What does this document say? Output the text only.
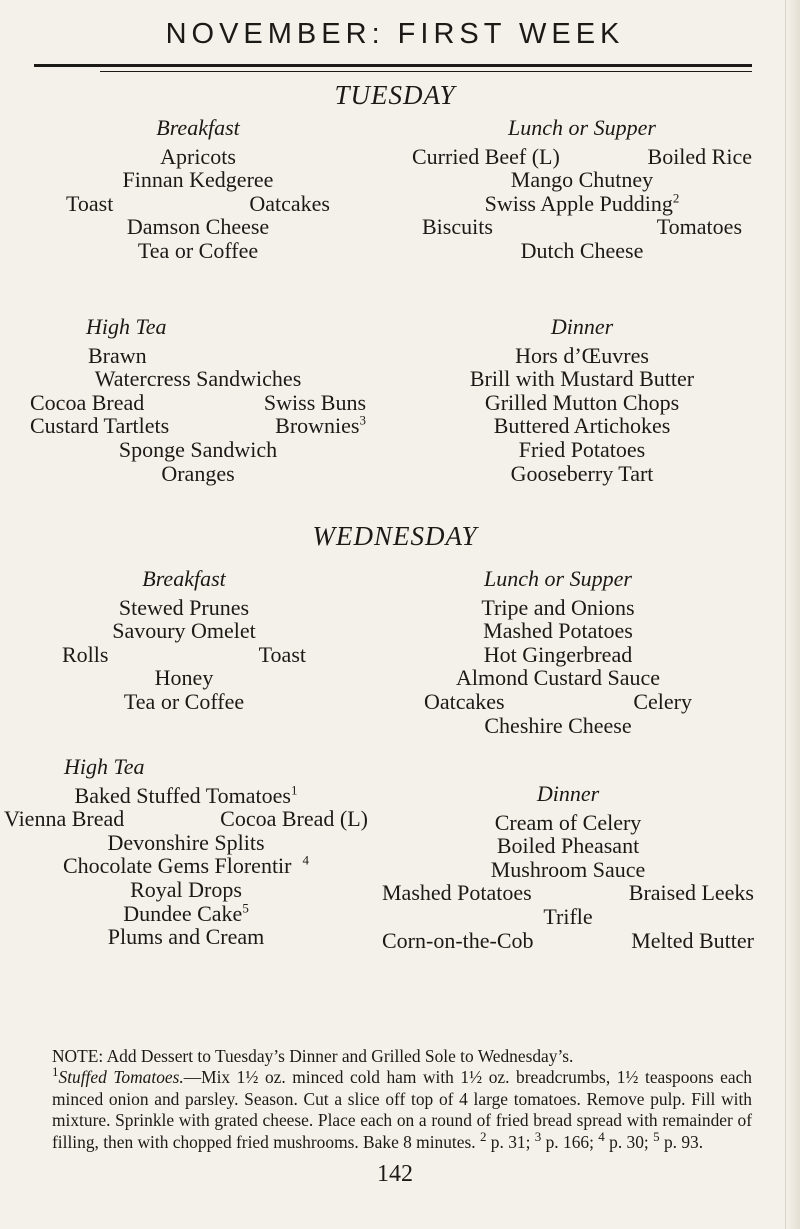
NOVEMBER: FIRST WEEK
TUESDAY
Breakfast
Apricots
Finnan Kedgeree
Toast	Oatcakes
Damson Cheese
Tea or Coffee
Lunch or Supper
Curried Beef (L)	Boiled Rice
Mango Chutney
Swiss Apple Pudding$^2$
Biscuits	Tomatoes
Dutch Cheese
High Tea
Brawn
Watercress Sandwiches
Cocoa Bread	Swiss Buns
Custard Tartlets	Brownies$^3$
Sponge Sandwich
Oranges
Dinner
Hors d’Œuvres
Brill with Mustard Butter
Grilled Mutton Chops
Buttered Artichokes
Fried Potatoes
Gooseberry Tart
WEDNESDAY
Breakfast
Stewed Prunes
Savoury Omelet
Rolls	Toast
Honey
Tea or Coffee
Lunch or Supper
Tripe and Onions
Mashed Potatoes
Hot Gingerbread
Almond Custard Sauce
Oatcakes	Celery
Cheshire Cheese
High Tea
Baked Stuffed Tomatoes$^1$
Vienna Bread	Cocoa Bread (L)
Devonshire Splits
Chocolate Gems Florentir $^4$
Royal Drops
Dundee Cake$^5$
Plums and Cream
Dinner
Cream of Celery
Boiled Pheasant
Mushroom Sauce
Mashed Potatoes	Braised Leeks
Trifle
Corn-on-the-Cob	Melted Butter
NOTE: Add Dessert to Tuesday’s Dinner and Grilled Sole to Wednesday’s.
$^1$Stuffed Tomatoes.—Mix 1½ oz. minced cold ham with 1½ oz. breadcrumbs, 1½ teaspoons each minced onion and parsley. Season. Cut a slice off top of 4 large tomatoes. Remove pulp. Fill with mixture. Sprinkle with grated cheese. Place each on a round of fried bread spread with remainder of filling, then with chopped fried mushrooms. Bake 8 minutes. $^2$ p. 31; $^3$ p. 166; $^4$ p. 30; $^5$ p. 93.
142
